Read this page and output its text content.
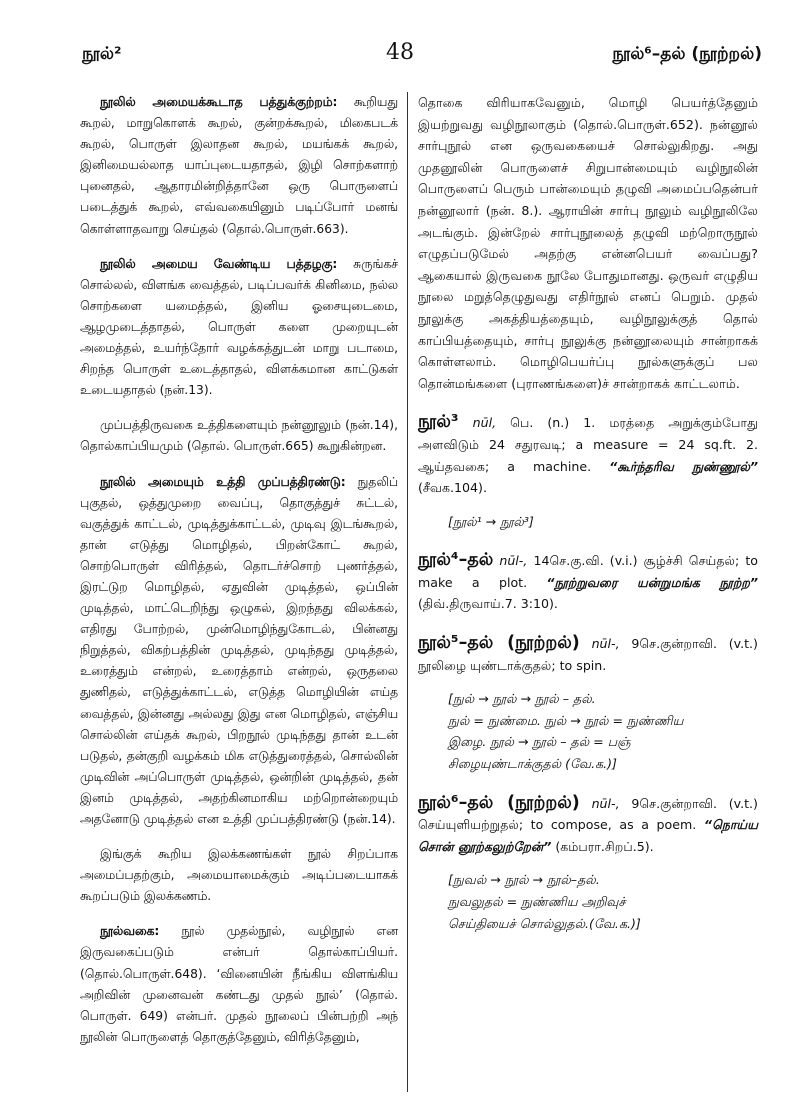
நூல்²	48	நூல்⁶–தல் (நூற்றல்)

நூலில் அமையக்கூடாத பத்துக்குற்றம்: கூறியது கூறல், மாறுகொளக் கூறல், குன்றக்கூறல், மிகைபடக் கூறல், பொருள் இலாதன கூறல், மயங்கக் கூறல், இனிமையல்லாத யாப்புடையதாதல், இழி சொற்களாற் புனைதல், ஆதாரமின்றித்தானே ஒரு பொருளைப் படைத்துக் கூறல், எவ்வகையினும் படிப்போர் மனங் கொள்ளாதவாறு செய்தல் (தொல்.பொருள்.663).

நூலில் அமைய வேண்டிய பத்தழகு: சுருங்கச் சொல்லல், விளங்க வைத்தல், படிப்பவர்க் கினிமை, நல்ல சொற்களை யமைத்தல், இனிய ஓசையுடைமை, ஆழமுடைத்தாதல், பொருள் களை முறையுடன் அமைத்தல், உயர்ந்தோர் வழக்கத்துடன் மாறு படாமை, சிறந்த பொருள் உடைத்தாதல், விளக்கமான காட்டுகள் உடையதாதல் (நன்.13).

முப்பத்திருவகை உத்திகளையும் நன்னூலும் (நன்.14), தொல்காப்பியமும் (தொல். பொருள்.665) கூறுகின்றன.

நூலில் அமையும் உத்தி முப்பத்திரண்டு: நுதலிப் புகுதல், ஒத்துமுறை வைப்பு, தொகுத்துச் சுட்டல், வகுத்துக் காட்டல், முடித்துக்காட்டல், முடிவு இடங்கூறல், தான் எடுத்து மொழிதல், பிறன்கோட் கூறல், சொற்பொருள் விரித்தல், தொடர்ச்சொற் புணர்த்தல், இரட்டுற மொழிதல், ஏதுவின் முடித்தல், ஒப்பின் முடித்தல், மாட்டெறிந்து ஒழுகல், இறந்தது விலக்கல், எதிரது போற்றல், முன்மொழிந்துகோடல், பின்னது நிறுத்தல், விகற்பத்தின் முடித்தல், முடிந்தது முடித்தல், உரைத்தும் என்றல், உரைத்தாம் என்றல், ஒருதலை துணிதல், எடுத்துக்காட்டல், எடுத்த மொழியின் எய்த வைத்தல், இன்னது அல்லது இது என மொழிதல், எஞ்சிய சொல்லின் எய்தக் கூறல், பிறநூல் முடிந்தது தான் உடன் படுதல், தன்குறி வழக்கம் மிக எடுத்துரைத்தல், சொல்லின் முடிவின் அப்பொருள் முடித்தல், ஒன்றின் முடித்தல், தன் இனம் முடித்தல், அதற்கினமாகிய மற்றொன்றையும் அதனோடு முடித்தல் என உத்தி முப்பத்திரண்டு (நன்.14).

இங்குக் கூறிய இலக்கணங்கள் நூல் சிறப்பாக அமைப்பதற்கும், அமையாமைக்கும் அடிப்படையாகக் கூறப்படும் இலக்கணம்.

நூல்வகை: நூல் முதல்நூல், வழிநூல் என இருவகைப்படும் என்பர் தொல்காப்பியர். (தொல்.பொருள்.648). ‘வினையின் நீங்கிய விளங்கிய அறிவின் முனைவன் கண்டது முதல் நூல்’ (தொல். பொருள். 649) என்பர். முதல் நூலைப் பின்பற்றி அந் நூலின் பொருளைத் தொகுத்தேனும், விரித்தேனும்,

தொகை விரியாகவேனும், மொழி பெயர்த்தேனும் இயற்றுவது வழிநூலாகும் (தொல்.பொருள்.652). நன்னூல் சார்புநூல் என ஒருவகையைச் சொல்லுகிறது. அது முதனூலின் பொருளைச் சிறுபான்மையும் வழிநூலின் பொருளைப் பெரும் பான்மையும் தழுவி அமைப்பதென்பர் நன்னூலார் (நன். 8.). ஆராயின் சார்பு நூலும் வழிநூலிலே அடங்கும். இன்றேல் சார்புநூலைத் தழுவி மற்றொருநூல் எழுதப்படுமேல் அதற்கு என்னபெயர் வைப்பது? ஆகையால் இருவகை நூலே போதுமானது. ஒருவர் எழுதிய நூலை மறுத்தெழுதுவது எதிர்நூல் எனப் பெறும். முதல் நூலுக்கு அகத்தியத்தையும், வழிநூலுக்குத் தொல் காப்பியத்தையும், சார்பு நூலுக்கு நன்னூலையும் சான்றாகக் கொள்ளலாம். மொழிபெயர்ப்பு நூல்களுக்குப் பல தொன்மங்களை (புராணங்களை)ச் சான்றாகக் காட்டலாம்.

நூல்³ nūl, பெ. (n.) 1. மரத்தை அறுக்கும்போது அளவிடும் 24 சதுரவடி; a measure = 24 sq.ft. 2. ஆய்தவகை; a machine. “கூர்ந்தரிவ நுண்ணூல்” (சீவக.104).

[நூல்¹ → நூல்³]

நூல்⁴–தல் nūl-, 14செ.கு.வி. (v.i.) சூழ்ச்சி செய்தல்; to make a plot. “நூற்றுவரை யன்றுமங்க நூற்ற” (திவ்.திருவாய்.7. 3:10).

நூல்⁵–தல் (நூற்றல்) nūl-, 9செ.குன்றாவி. (v.t.) நூலிழை யுண்டாக்குதல்; to spin.

[நுல் → நூல் → நூல் – தல்.

நுல் = நுண்மை. நுல் → நூல் = நுண்ணிய

இழை. நூல் → நூல் – தல் = பஞ்

சிழையுண்டாக்குதல் (வே.க.)]

நூல்⁶–தல் (நூற்றல்) nūl-, 9செ.குன்றாவி. (v.t.) செய்யுளியற்றுதல்; to compose, as a poem. “நொய்ய சொன் னூற்கலுற்றேன்” (கம்பரா.சிறப்.5).

[நுவல் → நூல் → நூல்–தல்.

நுவலுதல் = நுண்ணிய அறிவுச்

செய்தியைச் சொல்லுதல்.(வே.க.)]
